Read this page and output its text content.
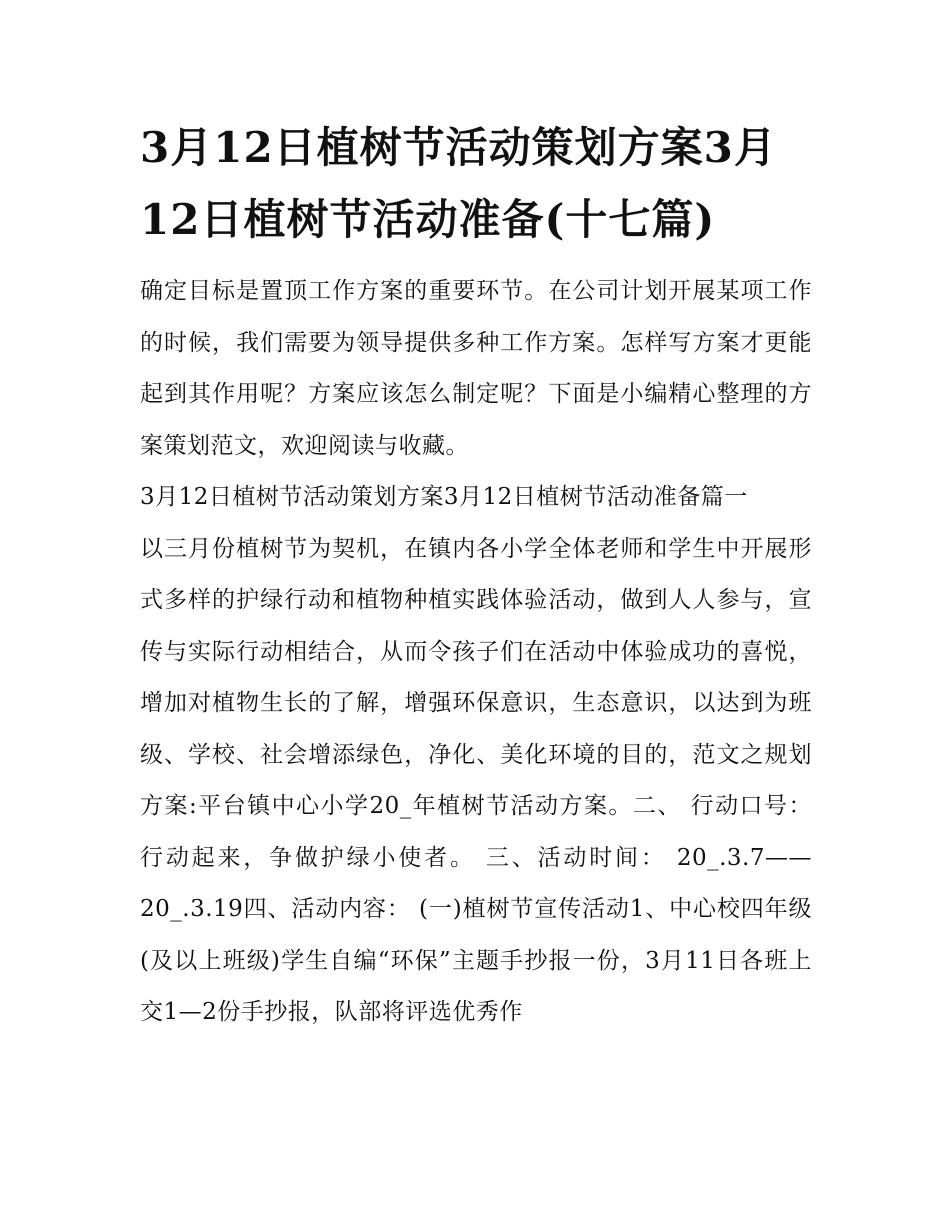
3月12日植树节活动策划方案3月12日植树节活动准备(十七篇)

确定目标是置顶工作方案的重要环节。在公司计划开展某项工作的时候，我们需要为领导提供多种工作方案。怎样写方案才更能起到其作用呢？方案应该怎么制定呢？下面是小编精心整理的方案策划范文，欢迎阅读与收藏。

3月12日植树节活动策划方案3月12日植树节活动准备篇一

以三月份植树节为契机，在镇内各小学全体老师和学生中开展形式多样的护绿行动和植物种植实践体验活动，做到人人参与，宣传与实际行动相结合，从而令孩子们在活动中体验成功的喜悦，增加对植物生长的了解，增强环保意识，生态意识，以达到为班级、学校、社会增添绿色，净化、美化环境的目的，范文之规划方案:平台镇中心小学20_年植树节活动方案。二、 行动口号： 行动起来，争做护绿小使者。 三、活动时间： 20_.3.7——20_.3.19四、活动内容： (一)植树节宣传活动1、中心校四年级(及以上班级)学生自编“环保”主题手抄报一份，3月11日各班上交1—2份手抄报，队部将评选优秀作
